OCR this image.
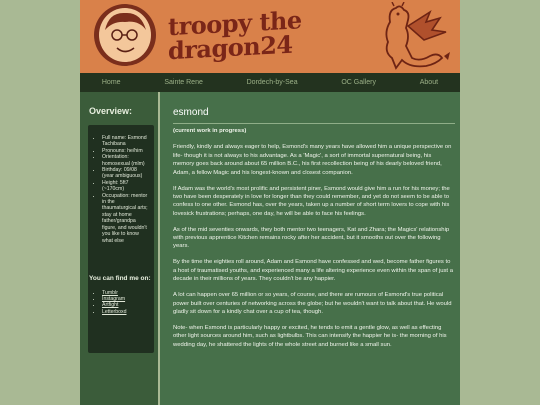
troopy the dragon24
Home	Sainte Rene	Dordech-by-Sea	OC Gallery	About
Overview:
• Full name: Esmond Tachibana
• Pronouns: he/him
• Orientation: homosexual (mlm)
• Birthday: 09/08 (year ambiguous)
• Height: 5ft7 (~170cm)
• Occupation: mentor in the thaumaturgical arts; stay at home father/grandpa figure, and wouldn't you like to know what else
You can find me on:
• Tumblr
• Instagram
• Artfight
• Letterboxd
esmond

(current work in progress)

Friendly, kindly and always eager to help, Esmond's many years have allowed him a unique perspective on life- though it is not always to his advantage. As a 'Magic', a sort of immortal supernatural being, his memory goes back around about 65 million B.C., his first recollection being of his dearly beloved friend, Adam, a fellow Magic and his longest-known and closest companion.

If Adam was the world's most prolific and persistent piner, Esmond would give him a run for his money; the two have been desperately in love for longer than they could remember, and yet do not seem to be able to confess to one other. Esmond has, over the years, taken up a number of short term lovers to cope with his lovesick frustrations; perhaps, one day, he will be able to face his feelings.

As of the mid seventies onwards, they both mentor two teenagers, Kat and Zhara; the Magics' relationship with previous apprentice Kitchen remains rocky after her accident, but it smooths out over the following years.

By the time the eighties roll around, Adam and Esmond have confessed and wed, become father figures to a host of traumatised youths, and experienced many a life altering experience even within the span of just a decade in their millions of years. They couldn't be any happier.

A lot can happen over 65 million or so years, of course, and there are rumours of Esmond's true political power built over centuries of networking across the globe; but he wouldn't want to talk about that. He would gladly sit down for a kindly chat over a cup of tea, though.

Note- when Esmond is particularly happy or excited, he tends to emit a gentle glow, as well as effecting other light sources around him, such as lightbulbs. This can intensify the happier he is- the morning of his wedding day, he shattered the lights of the whole street and burned like a small sun.
